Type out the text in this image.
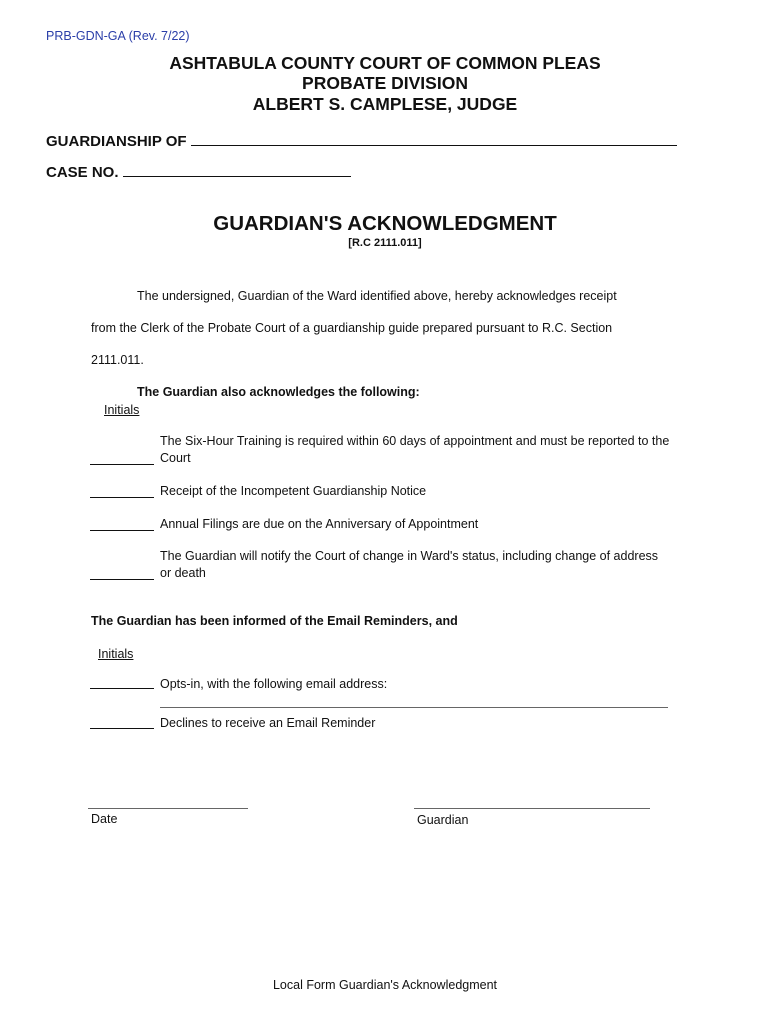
PRB-GDN-GA (Rev. 7/22)
ASHTABULA COUNTY COURT OF COMMON PLEAS
PROBATE DIVISION
ALBERT S. CAMPLESE, JUDGE
GUARDIANSHIP OF
CASE NO.
GUARDIAN'S ACKNOWLEDGMENT
[R.C 2111.011]
The undersigned, Guardian of the Ward identified above, hereby acknowledges receipt
from the Clerk of the Probate Court of a guardianship guide prepared pursuant to R.C. Section
2111.011.
The Guardian also acknowledges the following:
Initials
The Six-Hour Training is required within 60 days of appointment and must be reported to the Court
Receipt of the Incompetent Guardianship Notice
Annual Filings are due on the Anniversary of Appointment
The Guardian will notify the Court of change in Ward's status, including change of address or death
The Guardian has been informed of the Email Reminders, and
Initials
Opts-in, with the following email address:
Declines to receive an Email Reminder
Date	Guardian
Local Form Guardian's Acknowledgment
